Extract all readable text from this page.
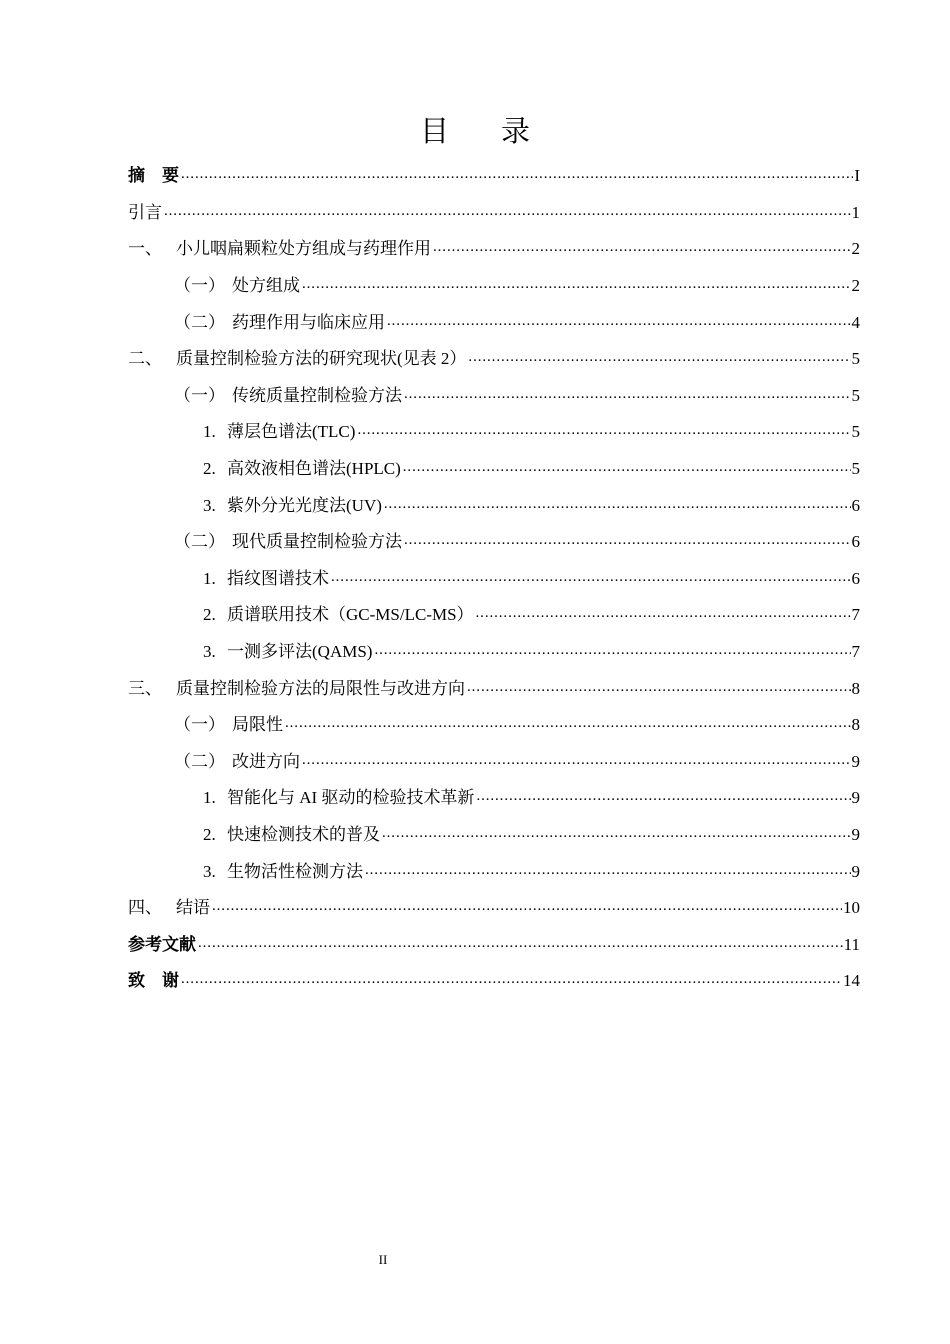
目 录
摘　要 .....	I
引言 .....	1
一、 小儿咽扁颗粒处方组成与药理作用 .....	2
（一） 处方组成 .....	2
（二） 药理作用与临床应用 .....	4
二、 质量控制检验方法的研究现状(见表 2） .....	5
（一） 传统质量控制检验方法 .....	5
1. 薄层色谱法(TLC) .....	5
2. 高效液相色谱法(HPLC) .....	5
3. 紫外分光光度法(UV) .....	6
（二） 现代质量控制检验方法 .....	6
1. 指纹图谱技术 .....	6
2. 质谱联用技术（GC-MS/LC-MS） .....	7
3. 一测多评法(QAMS) .....	7
三、 质量控制检验方法的局限性与改进方向 .....	8
（一） 局限性 .....	8
（二） 改进方向 .....	9
1. 智能化与 AI 驱动的检验技术革新 .....	9
2. 快速检测技术的普及 .....	9
3. 生物活性检测方法 .....	9
四、 结语 .....	10
参考文献 .....	11
致　谢 .....	14
II
